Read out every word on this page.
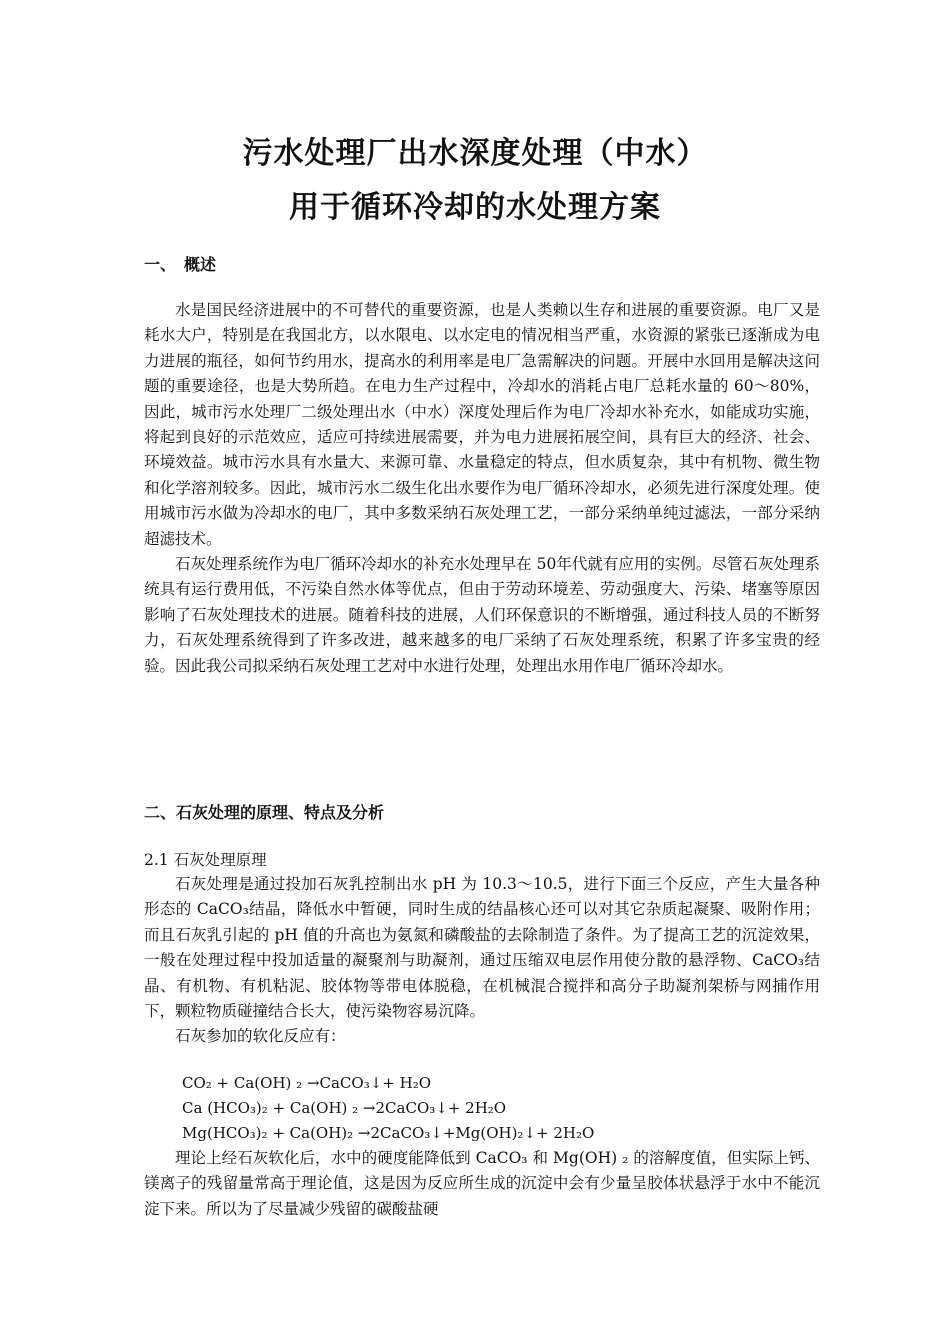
污水处理厂出水深度处理（中水）
用于循环冷却的水处理方案
一、　概述

水是国民经济进展中的不可替代的重要资源，也是人类赖以生存和进展的重要资源。电厂又是耗水大户，特别是在我国北方，以水限电、以水定电的情况相当严重，水资源的紧张已逐渐成为电力进展的瓶径，如何节约用水，提高水的利用率是电厂急需解决的问题。开展中水回用是解决这问题的重要途径，也是大势所趋。在电力生产过程中，冷却水的消耗占电厂总耗水量的 60～80%，因此，城市污水处理厂二级处理出水（中水）深度处理后作为电厂冷却水补充水，如能成功实施，将起到良好的示范效应，适应可持续进展需要，并为电力进展拓展空间，具有巨大的经济、社会、环境效益。城市污水具有水量大、来源可靠、水量稳定的特点，但水质复杂，其中有机物、微生物和化学溶剂较多。因此，城市污水二级生化出水要作为电厂循环冷却水，必须先进行深度处理。使用城市污水做为冷却水的电厂，其中多数采纳石灰处理工艺，一部分采纳单纯过滤法，一部分采纳超滤技术。

石灰处理系统作为电厂循环冷却水的补充水处理早在 50年代就有应用的实例。尽管石灰处理系统具有运行费用低，不污染自然水体等优点，但由于劳动环境差、劳动强度大、污染、堵塞等原因影响了石灰处理技术的进展。随着科技的进展，人们环保意识的不断增强，通过科技人员的不断努力，石灰处理系统得到了许多改进，越来越多的电厂采纳了石灰处理系统，积累了许多宝贵的经验。因此我公司拟采纳石灰处理工艺对中水进行处理，处理出水用作电厂循环冷却水。

二、石灰处理的原理、特点及分析
2.1 石灰处理原理

石灰处理是通过投加石灰乳控制出水 pH 为 10.3～10.5，进行下面三个反应，产生大量各种形态的 CaCO₃结晶，降低水中暂硬，同时生成的结晶核心还可以对其它杂质起凝聚、吸附作用；而且石灰乳引起的 pH 值的升高也为氨氮和磷酸盐的去除制造了条件。为了提高工艺的沉淀效果，一般在处理过程中投加适量的凝聚剂与助凝剂，通过压缩双电层作用使分散的悬浮物、CaCO₃结晶、有机物、有机粘泥、胶体物等带电体脱稳，在机械混合搅拌和高分子助凝剂架桥与网捕作用下，颗粒物质碰撞结合长大，使污染物容易沉降。

石灰参加的软化反应有：

CO₂ + Ca(OH) ₂ →CaCO₃↓+ H₂O
Ca (HCO₃)₂ + Ca(OH) ₂ →2CaCO₃↓+ 2H₂O
Mg(HCO₃)₂ + Ca(OH)₂ →2CaCO₃↓+Mg(OH)₂↓+ 2H₂O

理论上经石灰软化后，水中的硬度能降低到 CaCO₃ 和 Mg(OH) ₂ 的溶解度值，但实际上钙、镁离子的残留量常高于理论值，这是因为反应所生成的沉淀中会有少量呈胶体状悬浮于水中不能沉淀下来。所以为了尽量减少残留的碳酸盐硬
